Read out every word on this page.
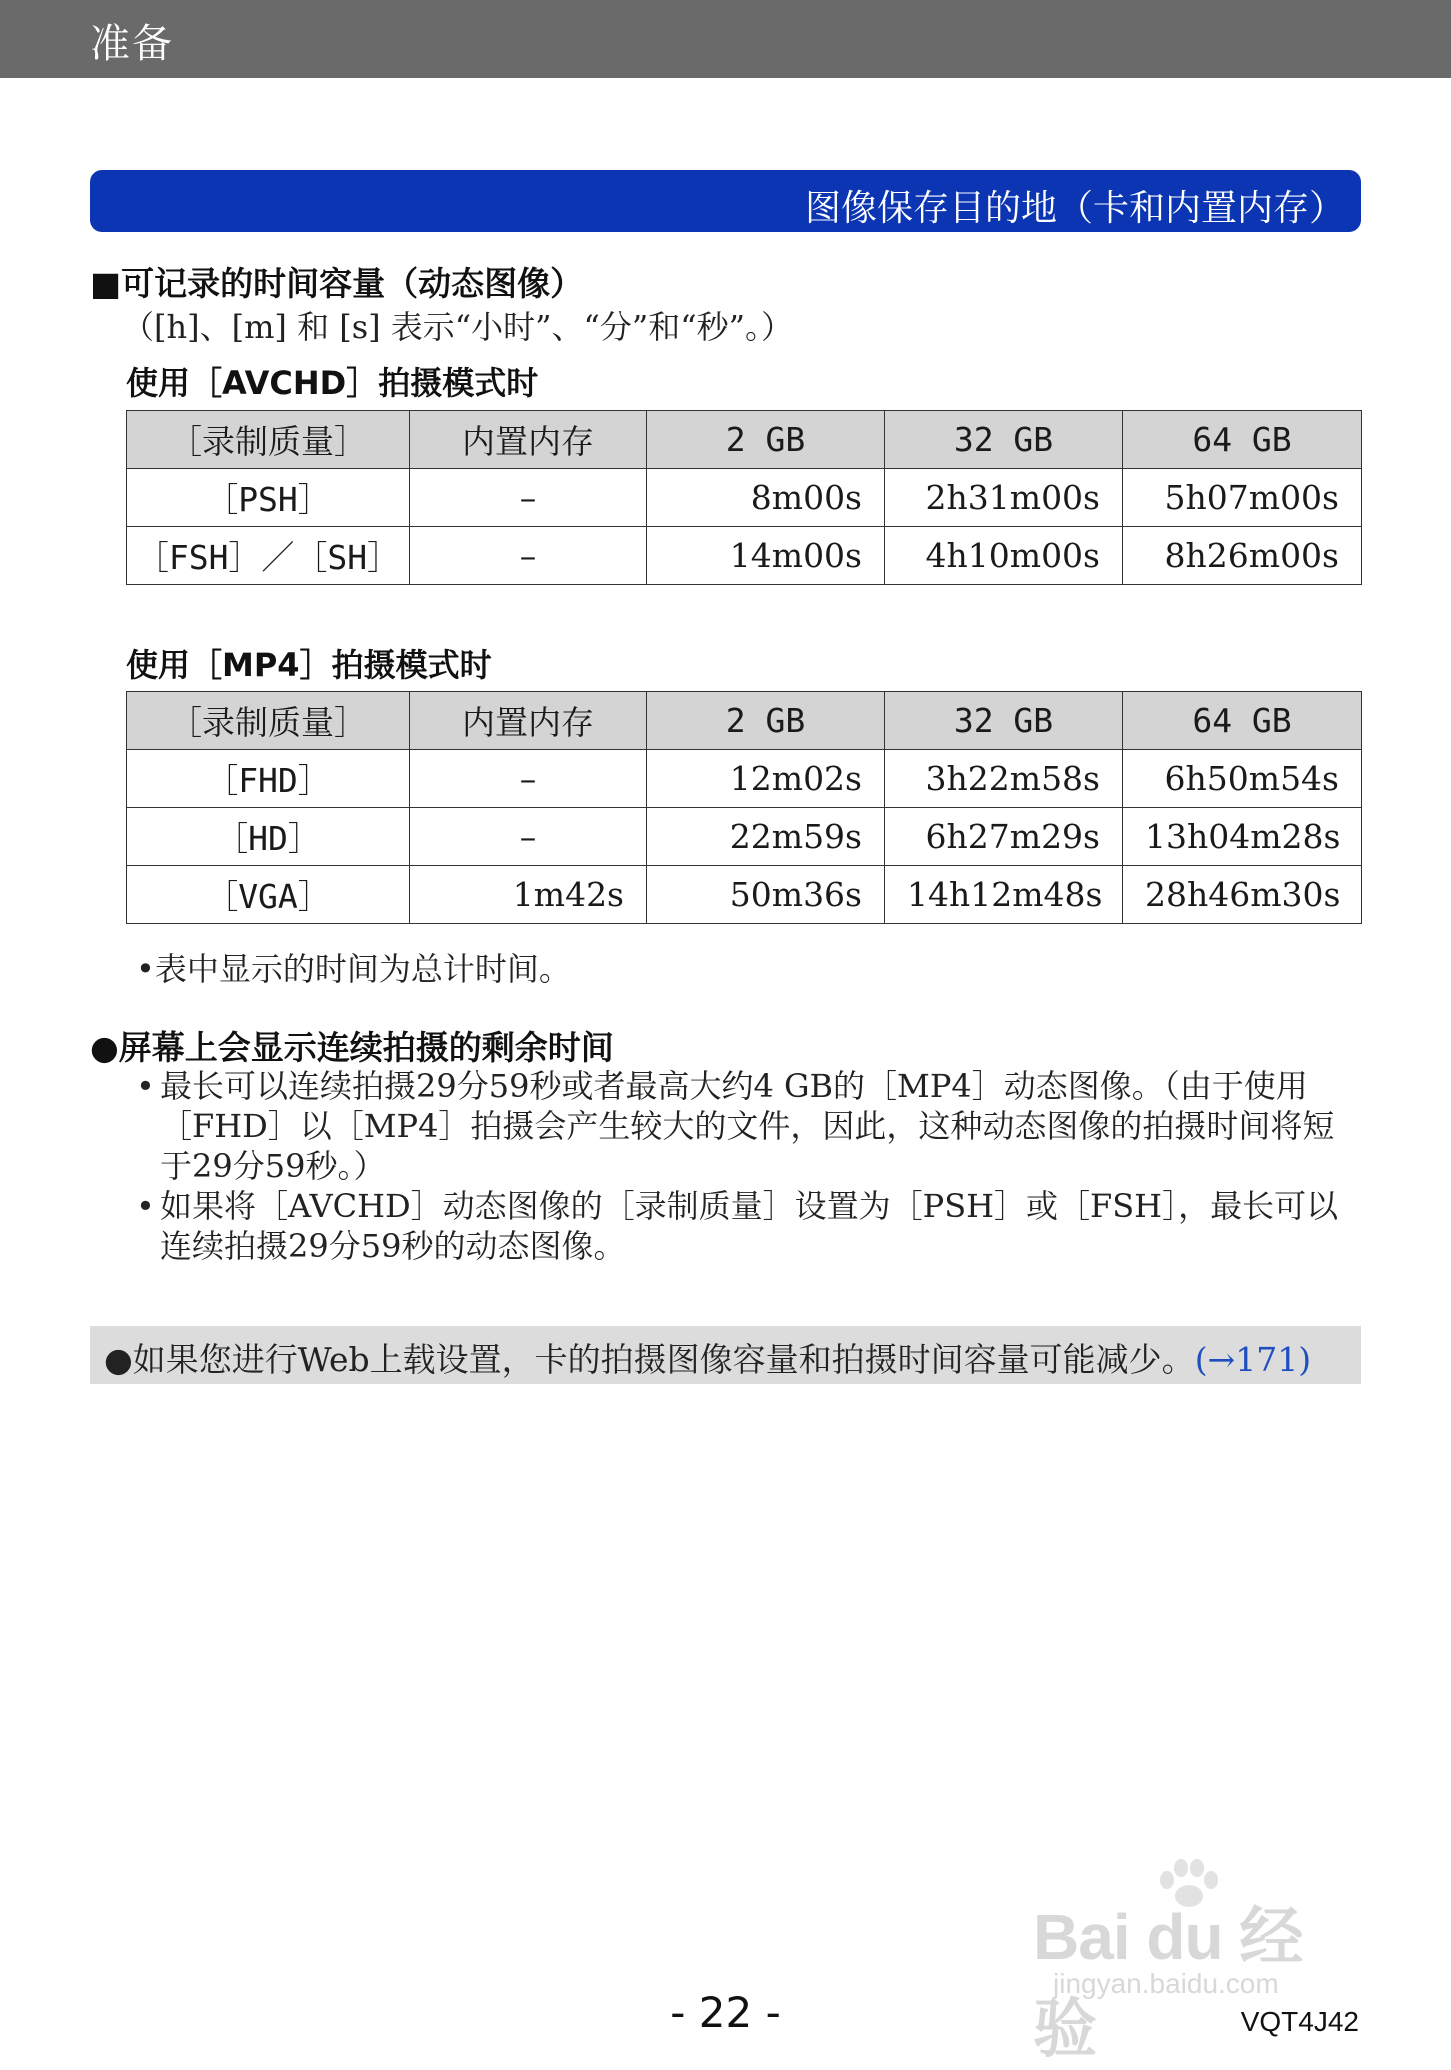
准备
图像保存目的地（卡和内置内存）
■可记录的时间容量（动态图像）
（[h]、[m] 和 [s] 表示“小时”、“分”和“秒”。）
使用［AVCHD］拍摄模式时
［录制质量］	内置内存	2 GB	32 GB	64 GB
［PSH］	–	8m00s	2h31m00s	5h07m00s
［FSH］／［SH］	–	14m00s	4h10m00s	8h26m00s
使用［MP4］拍摄模式时
［录制质量］	内置内存	2 GB	32 GB	64 GB
［FHD］	–	12m02s	3h22m58s	6h50m54s
［HD］	–	22m59s	6h27m29s	13h04m28s
［VGA］	1m42s	50m36s	14h12m48s	28h46m30s
•表中显示的时间为总计时间。
●屏幕上会显示连续拍摄的剩余时间

• 最长可以连续拍摄29分59秒或者最高大约4 GB的［MP4］动态图像。（由于使用［FHD］以［MP4］拍摄会产生较大的文件，因此，这种动态图像的拍摄时间将短于29分59秒。）

• 如果将［AVCHD］动态图像的［录制质量］设置为［PSH］或［FSH］，最长可以连续拍摄29分59秒的动态图像。

●如果您进行Web上载设置，卡的拍摄图像容量和拍摄时间容量可能减少。(→171)
Bai du 经验
jingyan.baidu.com
- 22 -	VQT4J42
